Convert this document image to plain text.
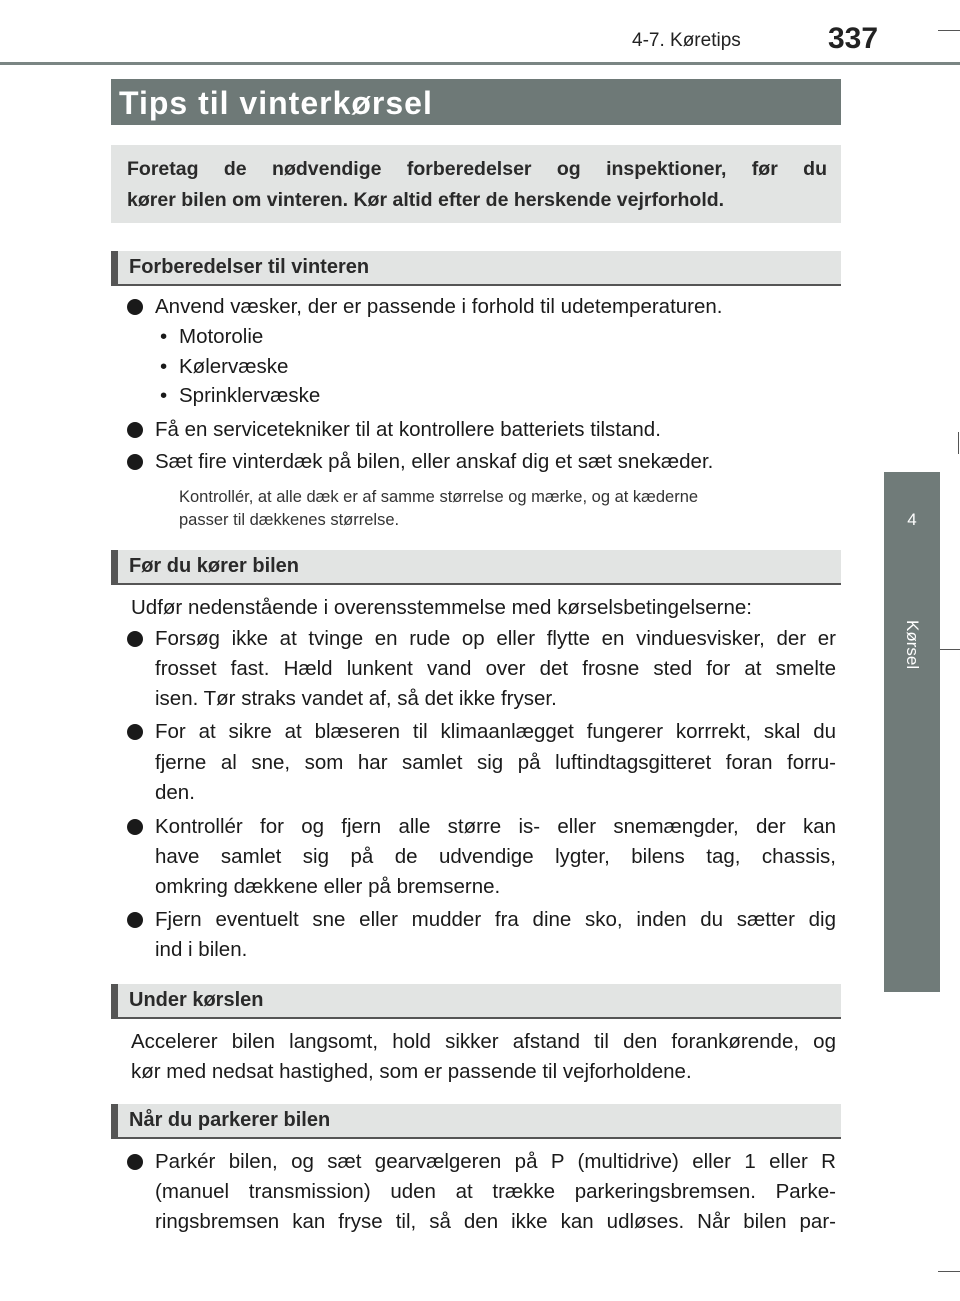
4-7. Køretips	337
4
Kørsel
Tips til vinterkørsel
Foretag de nødvendige forberedelser og inspektioner, før du
kører bilen om vinteren. Kør altid efter de herskende vejrforhold.
Forberedelser til vinteren
Anvend væsker, der er passende i forhold til udetemperaturen.
• Motorolie
• Kølervæske
• Sprinklervæske
Få en servicetekniker til at kontrollere batteriets tilstand.
Sæt fire vinterdæk på bilen, eller anskaf dig et sæt snekæder.
Kontrollér, at alle dæk er af samme størrelse og mærke, og at kæderne
passer til dækkenes størrelse.
Før du kører bilen
Udfør nedenstående i overensstemmelse med kørselsbetingelserne:
Forsøg ikke at tvinge en rude op eller flytte en vinduesvisker, der er
frosset fast. Hæld lunkent vand over det frosne sted for at smelte
isen. Tør straks vandet af, så det ikke fryser.
For at sikre at blæseren til klimaanlægget fungerer korrrekt, skal du
fjerne al sne, som har samlet sig på luftindtagsgitteret foran forru-
den.
Kontrollér for og fjern alle større is- eller snemængder, der kan
have samlet sig på de udvendige lygter, bilens tag, chassis,
omkring dækkene eller på bremserne.
Fjern eventuelt sne eller mudder fra dine sko, inden du sætter dig
ind i bilen.
Under kørslen
Accelerer bilen langsomt, hold sikker afstand til den forankørende, og
kør med nedsat hastighed, som er passende til vejforholdene.
Når du parkerer bilen
Parkér bilen, og sæt gearvælgeren på P (multidrive) eller 1 eller R
(manuel transmission) uden at trække parkeringsbremsen. Parke-
ringsbremsen kan fryse til, så den ikke kan udløses. Når bilen par-
